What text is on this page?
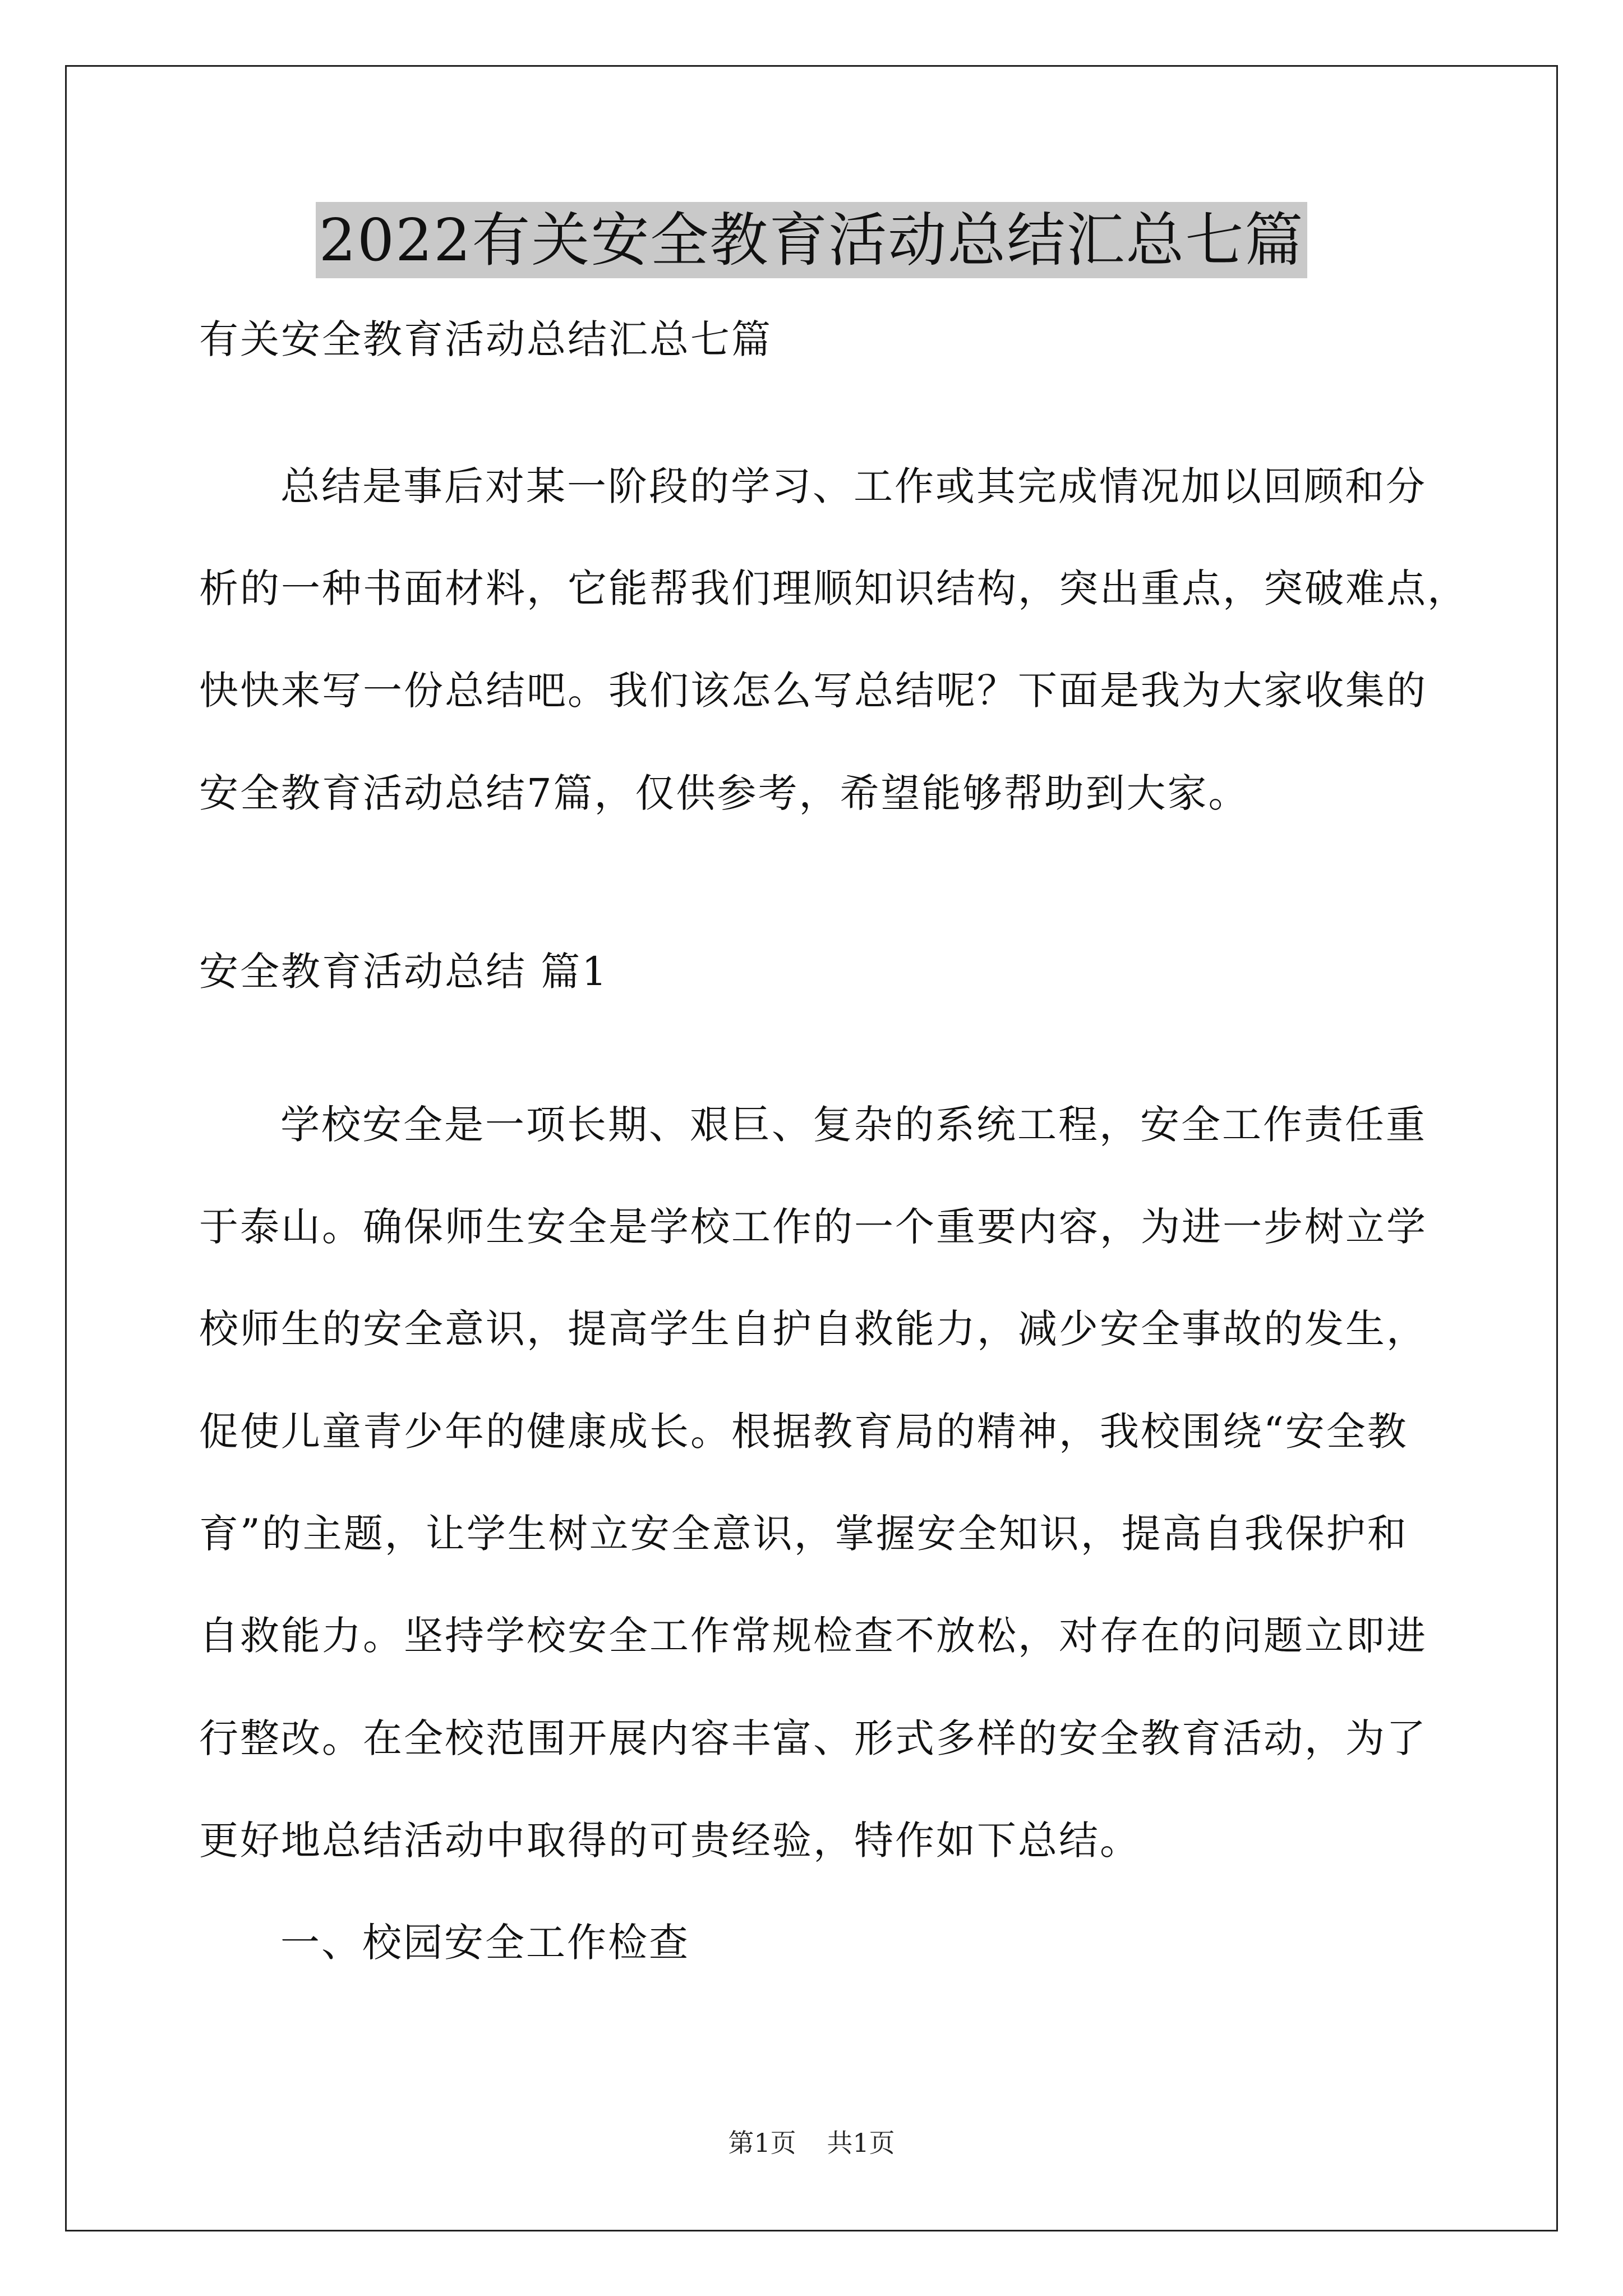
2022有关安全教育活动总结汇总七篇
有关安全教育活动总结汇总七篇
总结是事后对某一阶段的学习、工作或其完成情况加以回顾和分
析的一种书面材料，它能帮我们理顺知识结构，突出重点，突破难点，
快快来写一份总结吧。我们该怎么写总结呢？下面是我为大家收集的
安全教育活动总结7篇，仅供参考，希望能够帮助到大家。
安全教育活动总结 篇1
学校安全是一项长期、艰巨、复杂的系统工程，安全工作责任重
于泰山。确保师生安全是学校工作的一个重要内容，为进一步树立学
校师生的安全意识，提高学生自护自救能力，减少安全事故的发生，
促使儿童青少年的健康成长。根据教育局的精神，我校围绕“安全教
育”的主题，让学生树立安全意识，掌握安全知识，提高自我保护和
自救能力。坚持学校安全工作常规检查不放松，对存在的问题立即进
行整改。在全校范围开展内容丰富、形式多样的安全教育活动，为了
更好地总结活动中取得的可贵经验，特作如下总结。
一、校园安全工作检查
第1页 共1页
